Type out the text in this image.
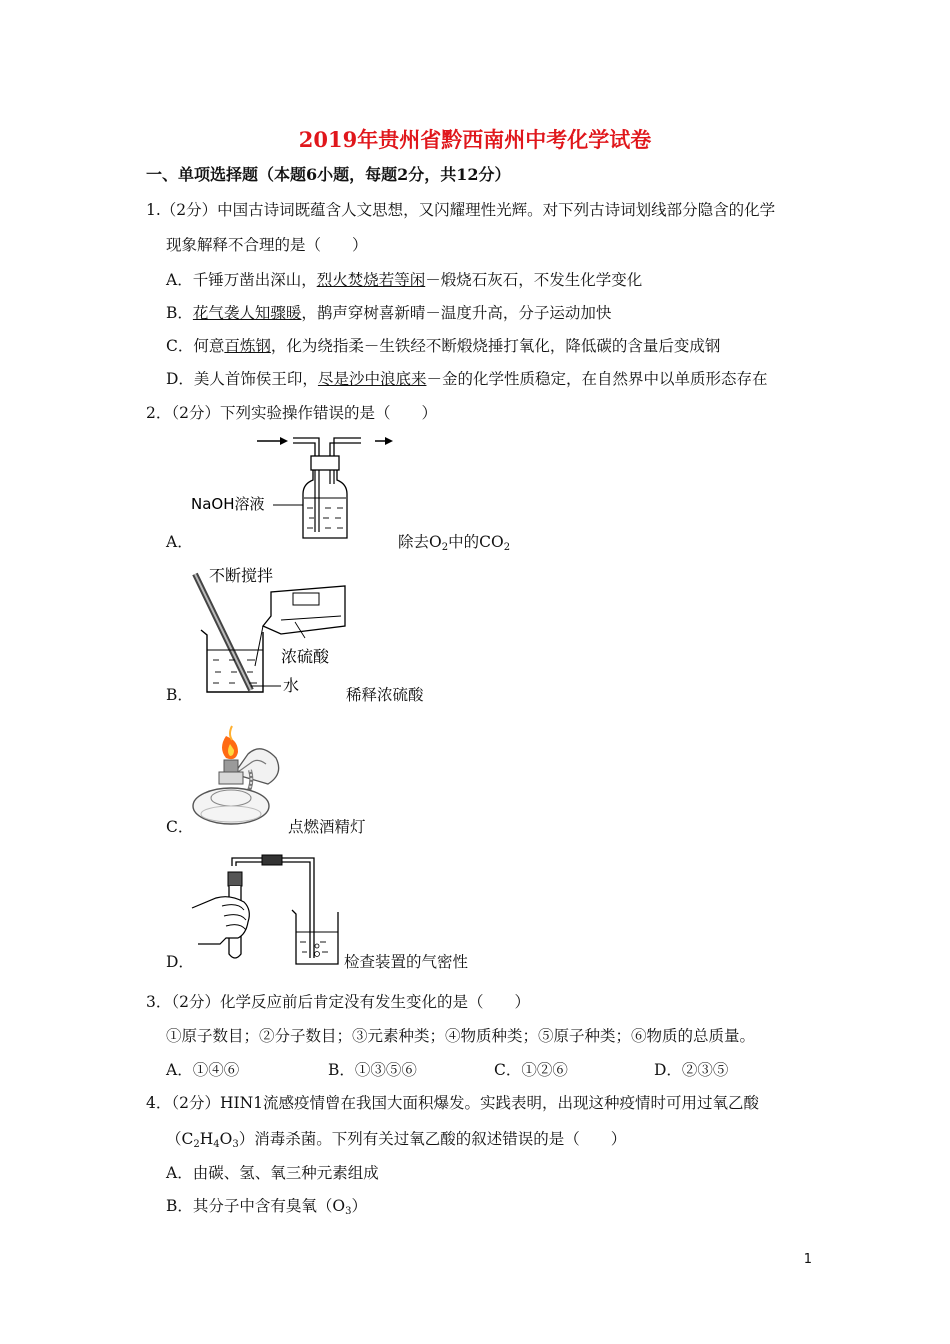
2019年贵州省黔西南州中考化学试卷
一、单项选择题（本题6小题，每题2分，共12分）
1.（2分）中国古诗词既蕴含人文思想，又闪耀理性光辉。对下列古诗词划线部分隐含的化学
现象解释不合理的是（　　）
A．千锤万凿出深山，烈火焚烧若等闲－煅烧石灰石，不发生化学变化
B．花气袭人知骤暖，鹊声穿树喜新晴－温度升高，分子运动加快
C．何意百炼钢，化为绕指柔－生铁经不断煅烧捶打氧化，降低碳的含量后变成钢
D．美人首饰侯王印，尽是沙中浪底来－金的化学性质稳定，在自然界中以单质形态存在
2．（2分）下列实验操作错误的是（　　）
NaOH溶液
A．	除去$O_2$中的$CO_2$
不断搅拌
浓硫酸
水
B．	稀释浓硫酸
C．	点燃酒精灯
D．	检查装置的气密性
3．（2分）化学反应前后肯定没有发生变化的是（　　）
①原子数目；②分子数目；③元素种类；④物质种类；⑤原子种类；⑥物质的总质量。
A．①④⑥	B．①③⑤⑥	C．①②⑥	D．②③⑤
4．（2分）HIN1流感疫情曾在我国大面积爆发。实践表明，出现这种疫情时可用过氧乙酸
$(C_2H_4O_3)$消毒杀菌。下列有关过氧乙酸的叙述错误的是（　　）
A．由碳、氢、氧三种元素组成
B．其分子中含有臭氧$(O_3)$
1
